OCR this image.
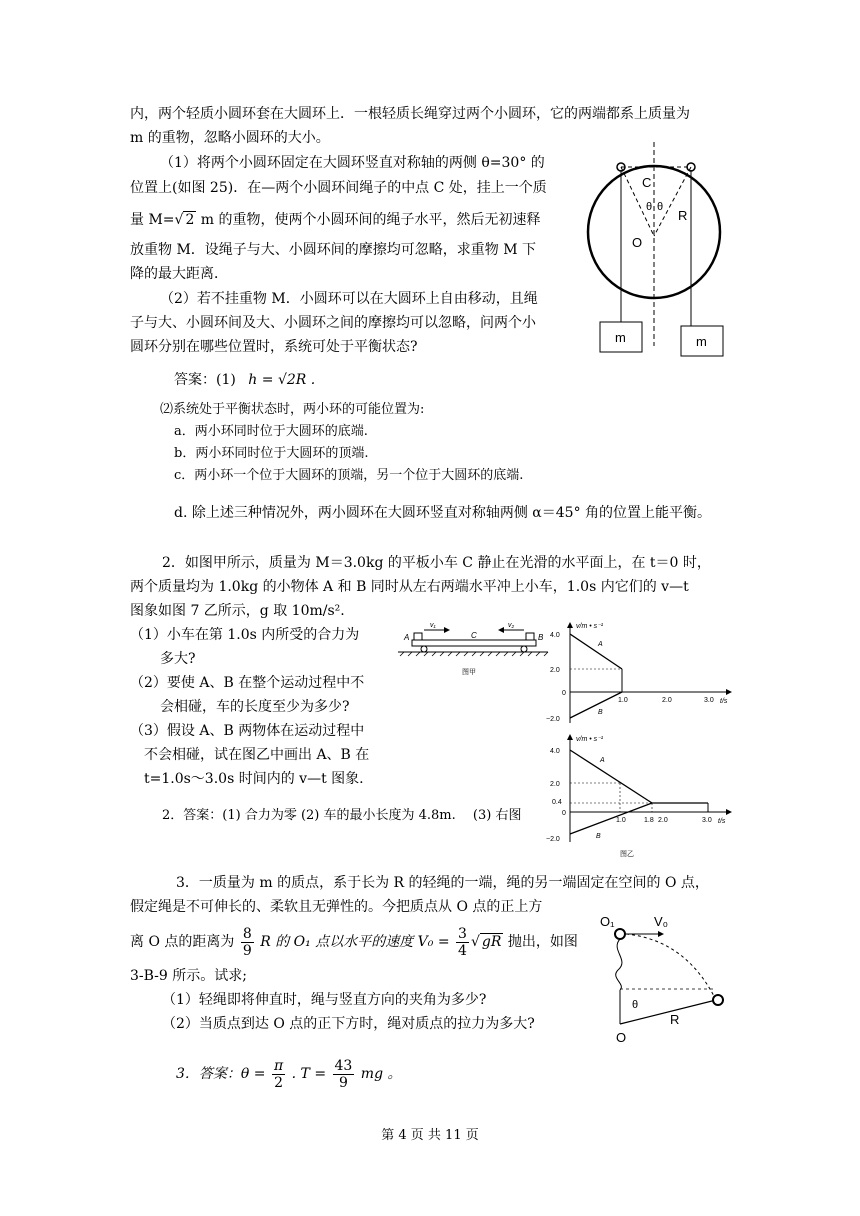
内，两个轻质小圆环套在大圆环上．一根轻质长绳穿过两个小圆环，它的两端都系上质量为
m 的重物，忽略小圆环的大小。
（1）将两个小圆环固定在大圆环竖直对称轴的两侧 θ=30° 的
位置上(如图 25)．在—两个小圆环间绳子的中点 C 处，挂上一个质
量 M=√ 2 m 的重物，使两个小圆环间的绳子水平，然后无初速释
放重物 M．设绳子与大、小圆环间的摩擦均可忽略，求重物 M 下
降的最大距离．
（2）若不挂重物 M．小圆环可以在大圆环上自由移动，且绳
子与大、小圆环间及大、小圆环之间的摩擦均可以忽略，问两个小
圆环分别在哪些位置时，系统可处于平衡状态?
答案：(1) h = √2R .
⑵系统处于平衡状态时，两小环的可能位置为:
a．两小环同时位于大圆环的底端.
b．两小环同时位于大圆环的顶端.
c．两小环一个位于大圆环的顶端，另一个位于大圆环的底端.
d. 除上述三种情况外，两小圆环在大圆环竖直对称轴两侧 α＝45° 角的位置上能平衡。
C
θ θ
R
O
m	m
2．如图甲所示，质量为 M＝3.0kg 的平板小车 C 静止在光滑的水平面上，在 t＝0 时，
两个质量均为 1.0kg 的小物体 A 和 B 同时从左右两端水平冲上小车，1.0s 内它们的 v—t
图象如图 7 乙所示，g 取 10m/s².
（1）小车在第 1.0s 内所受的合力为
多大?
（2）要使 A、B 在整个运动过程中不
会相碰，车的长度至少为多少?
（3）假设 A、B 两物体在运动过程中
不会相碰，试在图乙中画出 A、B 在
t=1.0s～3.0s 时间内的 v—t 图象.
2．答案：(1) 合力为零 (2) 车的最小长度为 4.8m.　 (3) 右图
A	C	B
v₁	v₂
图甲
v/m • s⁻¹
t/s
4.0
2.0
0
−2.0
1.0	2.0	3.0
A
B
v/m • s⁻¹
t/s
4.0
2.0
0.4
0
−2.0
1.0	1.8 2.0	3.0
A
B
图乙
3．一质量为 m 的质点，系于长为 R 的轻绳的一端，绳的另一端固定在空间的 O 点，
假定绳是不可伸长的、柔软且无弹性的。今把质点从 O 点的正上方
离 O 点的距离为 $\frac{8}{9}$ R 的 O₁ 点以水平的速度 $V_0 = \frac{3}{4}$ √ gR 抛出，如图
3-B-9 所示。试求;
（1）轻绳即将伸直时，绳与竖直方向的夹角为多少?
（2）当质点到达 O 点的正下方时，绳对质点的拉力为多大?
3．答案：$\theta = \frac{\pi}{2}$ . $T = \frac{43}{9}$ mg 。
O₁	V₀
θ
R
O
第 4 页 共 11 页
